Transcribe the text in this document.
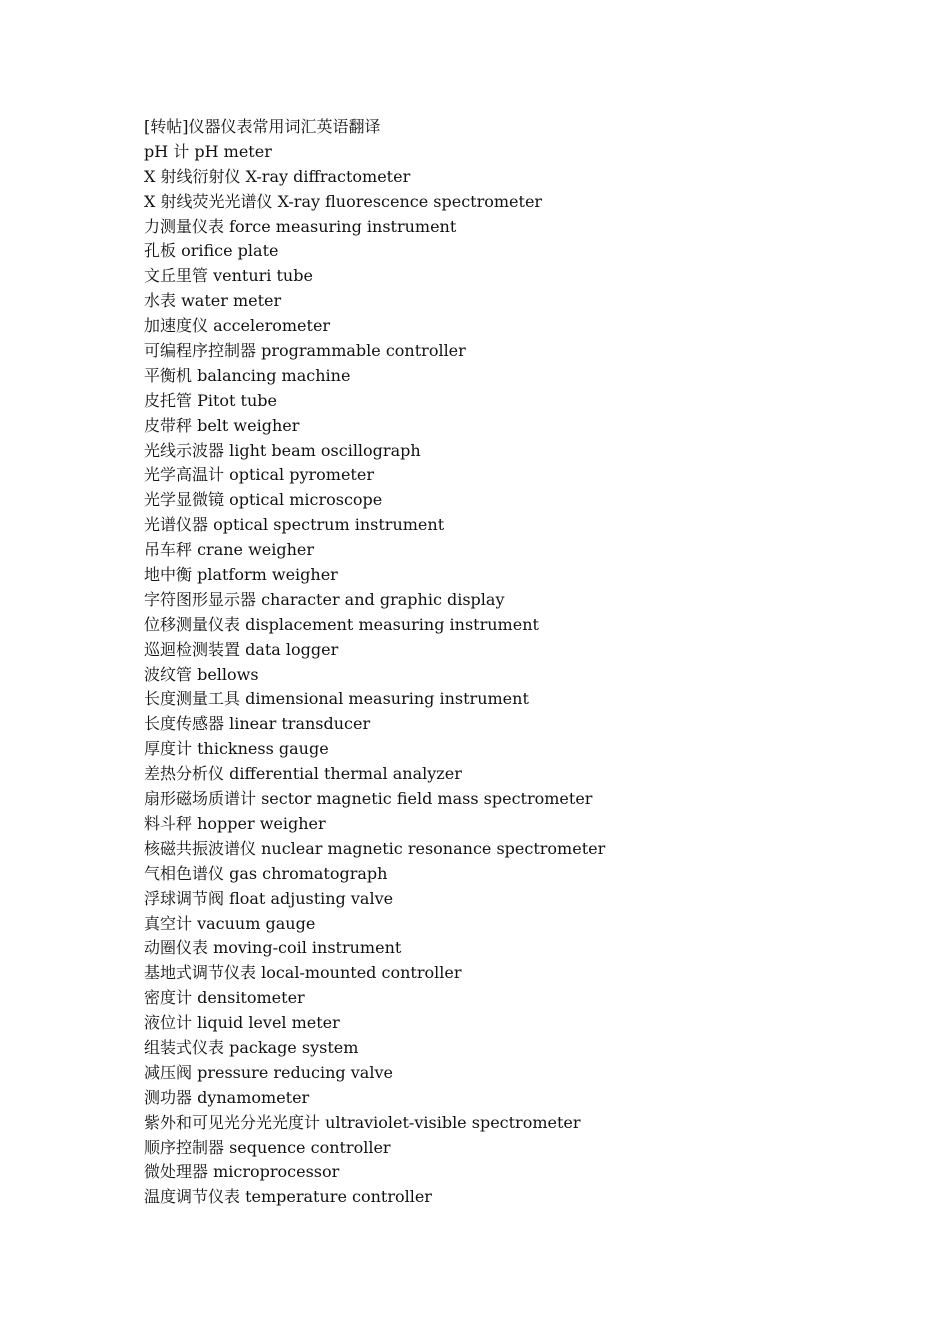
[转帖]仪器仪表常用词汇英语翻译
pH 计 pH meter
X 射线衍射仪 X-ray diffractometer
X 射线荧光光谱仪 X-ray fluorescence spectrometer
力测量仪表 force measuring instrument
孔板 orifice plate
文丘里管 venturi tube
水表 water meter
加速度仪 accelerometer
可编程序控制器 programmable controller
平衡机 balancing machine
皮托管 Pitot tube
皮带秤 belt weigher
光线示波器 light beam oscillograph
光学高温计 optical pyrometer
光学显微镜 optical microscope
光谱仪器 optical spectrum instrument
吊车秤 crane weigher
地中衡 platform weigher
字符图形显示器 character and graphic display
位移测量仪表 displacement measuring instrument
巡迴检测装置 data logger
波纹管 bellows
长度测量工具 dimensional measuring instrument
长度传感器 linear transducer
厚度计 thickness gauge
差热分析仪 differential thermal analyzer
扇形磁场质谱计 sector magnetic field mass spectrometer
料斗秤 hopper weigher
核磁共振波谱仪 nuclear magnetic resonance spectrometer
气相色谱仪 gas chromatograph
浮球调节阀 float adjusting valve
真空计 vacuum gauge
动圈仪表 moving-coil instrument
基地式调节仪表 local-mounted controller
密度计 densitometer
液位计 liquid level meter
组装式仪表 package system
减压阀 pressure reducing valve
测功器 dynamometer
紫外和可见光分光光度计 ultraviolet-visible spectrometer
顺序控制器 sequence controller
微处理器 microprocessor
温度调节仪表 temperature controller
